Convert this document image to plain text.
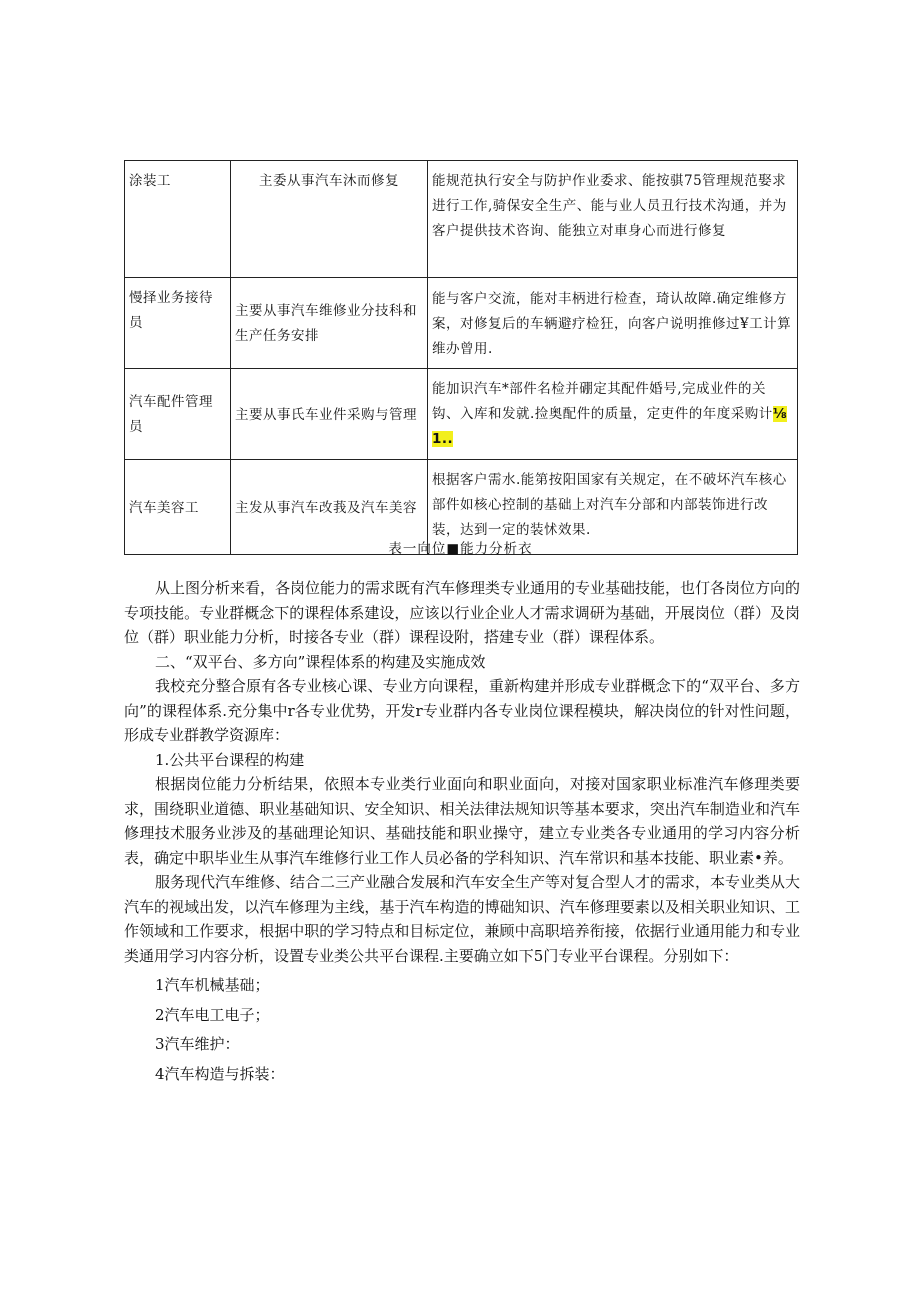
涂装工	主委从事汽车沐而修复	能规范执行安全与防护作业委求、能按骐75管理规范娶求进行工作,骑保安全生产、能与业人员丑行技术沟通，并为客户提供技术咨询、能独立对車身心而进行修复
慢择业务接待员	主要从事汽车维修业分技科和生产任务安排	能与客户交流，能对丰柄进行检查，琦认故障.确定维修方案，对修复后的车辆避疗检狂，向客户说明推修过¥工计算维办曾用.
汽车配件管理员	主要从事氏车业件采购与管理	能加识汽车*部件名检并硼定其配件婚号,完成业件的关钩、入库和发就.捡奥配件的质量，定吏件的年度采购计⅛1..
汽车美容工	主发从事汽车改莪及汽车美容	根据客户需水.能第按阳国家有关规定，在不破坏汽车核心部件如核心控制的基础上对汽车分部和内部装饰进行改装，达到一定的装怵效果.
表一向位■能力分析衣

从上图分析来看，各岗位能力的需求既有汽车修理类专业通用的专业基础技能，也仃各岗位方向的专项技能。专业群概念下的课程体系建设，应该以行业企业人才需求调研为基础，开展岗位（群）及岗位（群）职业能力分析，时接各专业（群）课程设附，搭建专业（群）课程体系。

二、“双平台、多方向”课程体系的构建及实施成效

我校充分整合原有各专业核心课、专业方向课程，重新构建并形成专业群概念下的“双平台、多方向”的课程体系.充分集中r各专业优势，开发r专业群内各专业岗位课程模块，解决岗位的针对性问题，形成专业群教学资源库：

1.公共平台课程的构建

根据岗位能力分析结果，依照本专业类行业面向和职业面向，对接对国家职业标准汽车修理类要求，围绕职业道德、职业基础知识、安全知识、相关法律法规知识等基本要求，突出汽车制造业和汽车修理技术服务业涉及的基础理论知识、基础技能和职业操守，建立专业类各专业通用的学习内容分析表，确定中职毕业生从事汽车维修行业工作人员必备的学科知识、汽车常识和基本技能、职业素•养。

服务现代汽车维修、结合二三产业融合发展和汽车安全生产等对复合型人才的需求，本专业类从大汽车的视域出发，以汽车修理为主线，基于汽车构造的博础知识、汽车修理要素以及相关职业知识、工作领域和工作要求，根据中职的学习特点和目标定位，兼顾中高职培养衔接，依据行业通用能力和专业类通用学习内容分析，设置专业类公共平台课程.主要确立如下5门专业平台课程。分别如下：

1汽车机械基础；

2汽车电工电子；

3汽车维护：

4汽车构造与拆装：
